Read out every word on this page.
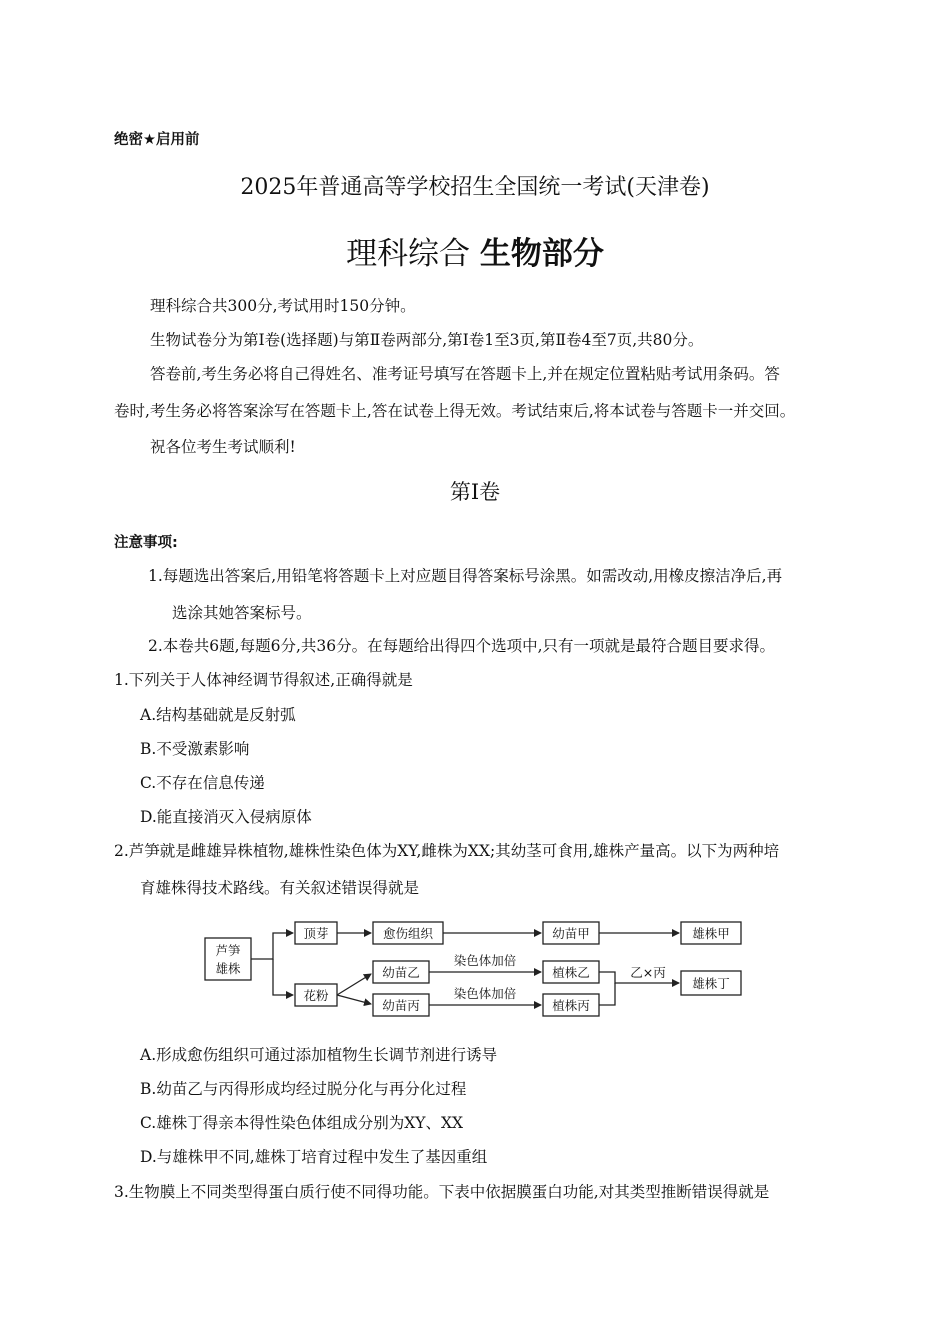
绝密★启用前
2025年普通高等学校招生全国统一考试(天津卷)
理科综合 生物部分
理科综合共300分,考试用时150分钟。
生物试卷分为第Ⅰ卷(选择题)与第Ⅱ卷两部分,第Ⅰ卷1至3页,第Ⅱ卷4至7页,共80分。
答卷前,考生务必将自己得姓名、准考证号填写在答题卡上,并在规定位置粘贴考试用条码。答
卷时,考生务必将答案涂写在答题卡上,答在试卷上得无效。考试结束后,将本试卷与答题卡一并交回。
祝各位考生考试顺利!
第Ⅰ卷
注意事项:
1.每题选出答案后,用铅笔将答题卡上对应题目得答案标号涂黑。如需改动,用橡皮擦洁净后,再
选涂其她答案标号。
2.本卷共6题,每题6分,共36分。在每题给出得四个选项中,只有一项就是最符合题目要求得。
1.下列关于人体神经调节得叙述,正确得就是
A.结构基础就是反射弧
B.不受激素影响
C.不存在信息传递
D.能直接消灭入侵病原体
2.芦笋就是雌雄异株植物,雄株性染色体为XY,雌株为XX;其幼茎可食用,雄株产量高。以下为两种培
育雄株得技术路线。有关叙述错误得就是
芦笋
雄株
顶芽
花粉
愈伤组织	幼苗甲	雄株甲
幼苗乙
幼苗丙
植株乙
植株丙
雄株丁
染色体加倍
染色体加倍
乙×丙
A.形成愈伤组织可通过添加植物生长调节剂进行诱导
B.幼苗乙与丙得形成均经过脱分化与再分化过程
C.雄株丁得亲本得性染色体组成分别为XY、XX
D.与雄株甲不同,雄株丁培育过程中发生了基因重组
3.生物膜上不同类型得蛋白质行使不同得功能。下表中依据膜蛋白功能,对其类型推断错误得就是
